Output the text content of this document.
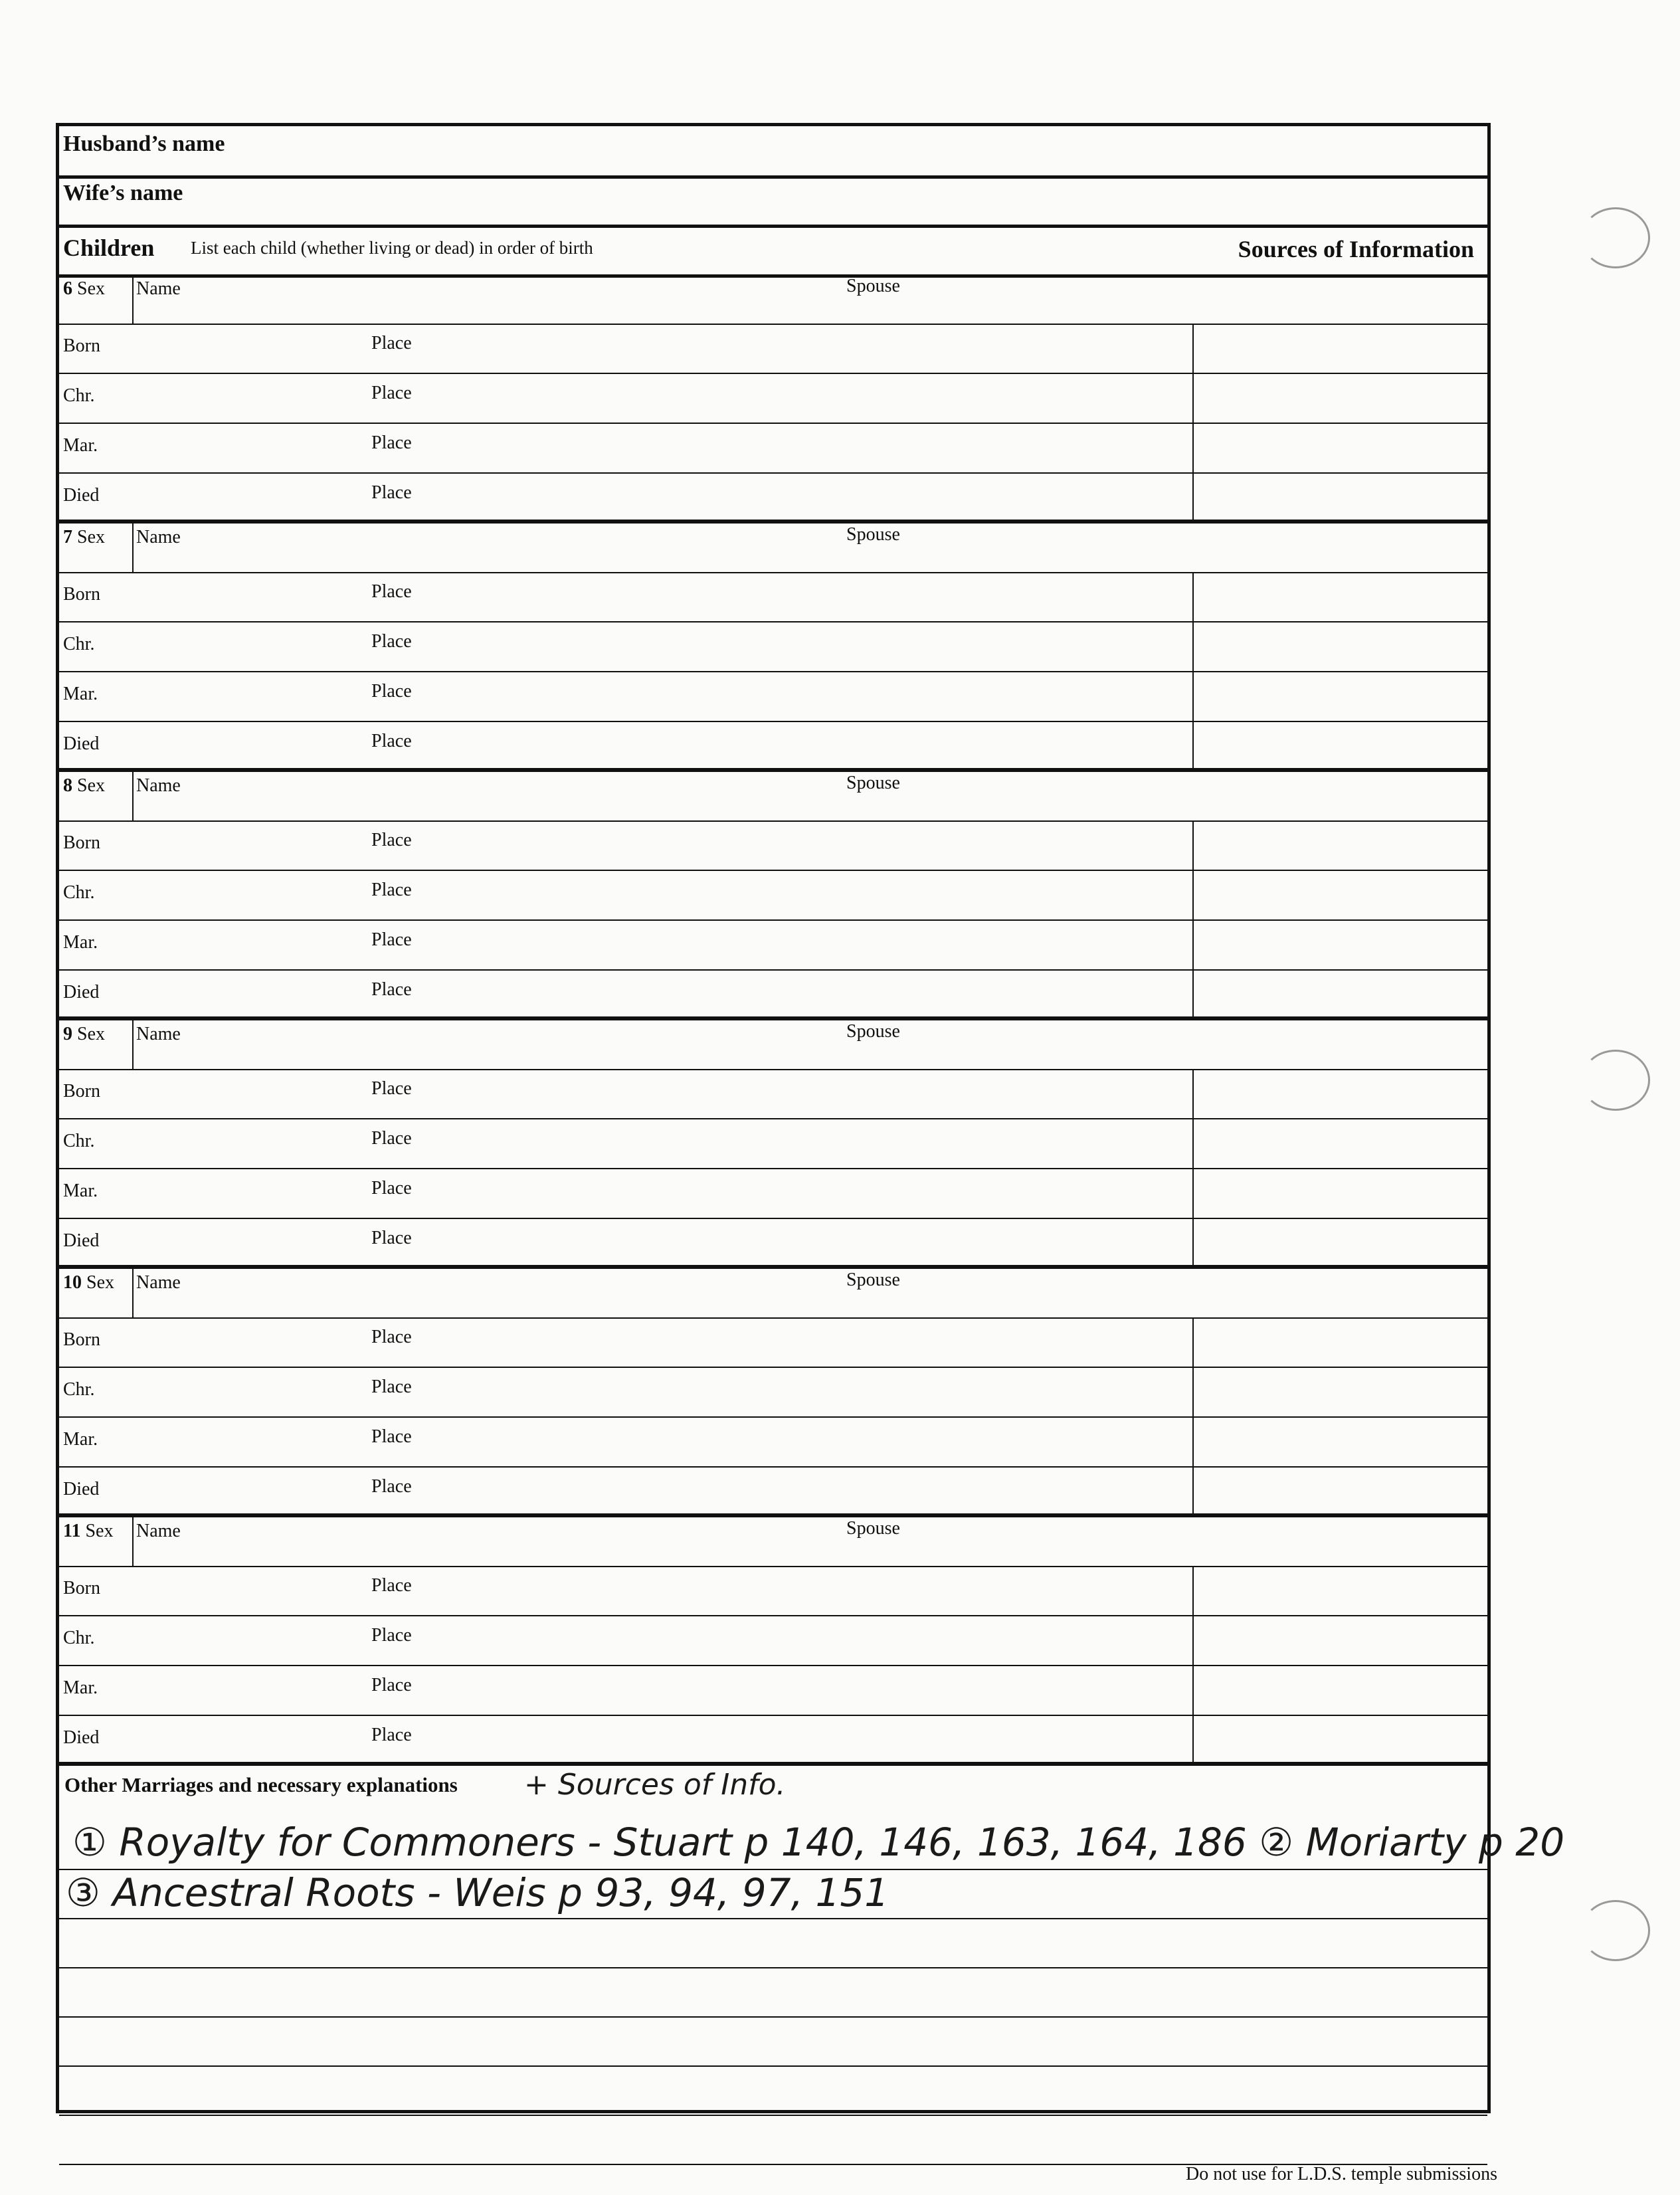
Husband’s name
Wife’s name
Children List each child (whether living or dead) in order of birth	Sources of Information
6 Sex Name	Spouse
Born	Place
Chr.	Place
Mar.	Place
Died	Place
7 Sex Name	Spouse
Born	Place
Chr.	Place
Mar.	Place
Died	Place
8 Sex Name	Spouse
Born	Place
Chr.	Place
Mar.	Place
Died	Place
9 Sex Name	Spouse
Born	Place
Chr.	Place
Mar.	Place
Died	Place
10 Sex Name	Spouse
Born	Place
Chr.	Place
Mar.	Place
Died	Place
11 Sex Name	Spouse
Born	Place
Chr.	Place
Mar.	Place
Died	Place
Other Marriages and necessary explanations + Sources of Info.
① Royalty for Commoners - Stuart p 140, 146, 163, 164, 186 ② Moriarty p 20
③ Ancestral Roots - Weis p 93, 94, 97, 151
Do not use for L.D.S. temple submissions
